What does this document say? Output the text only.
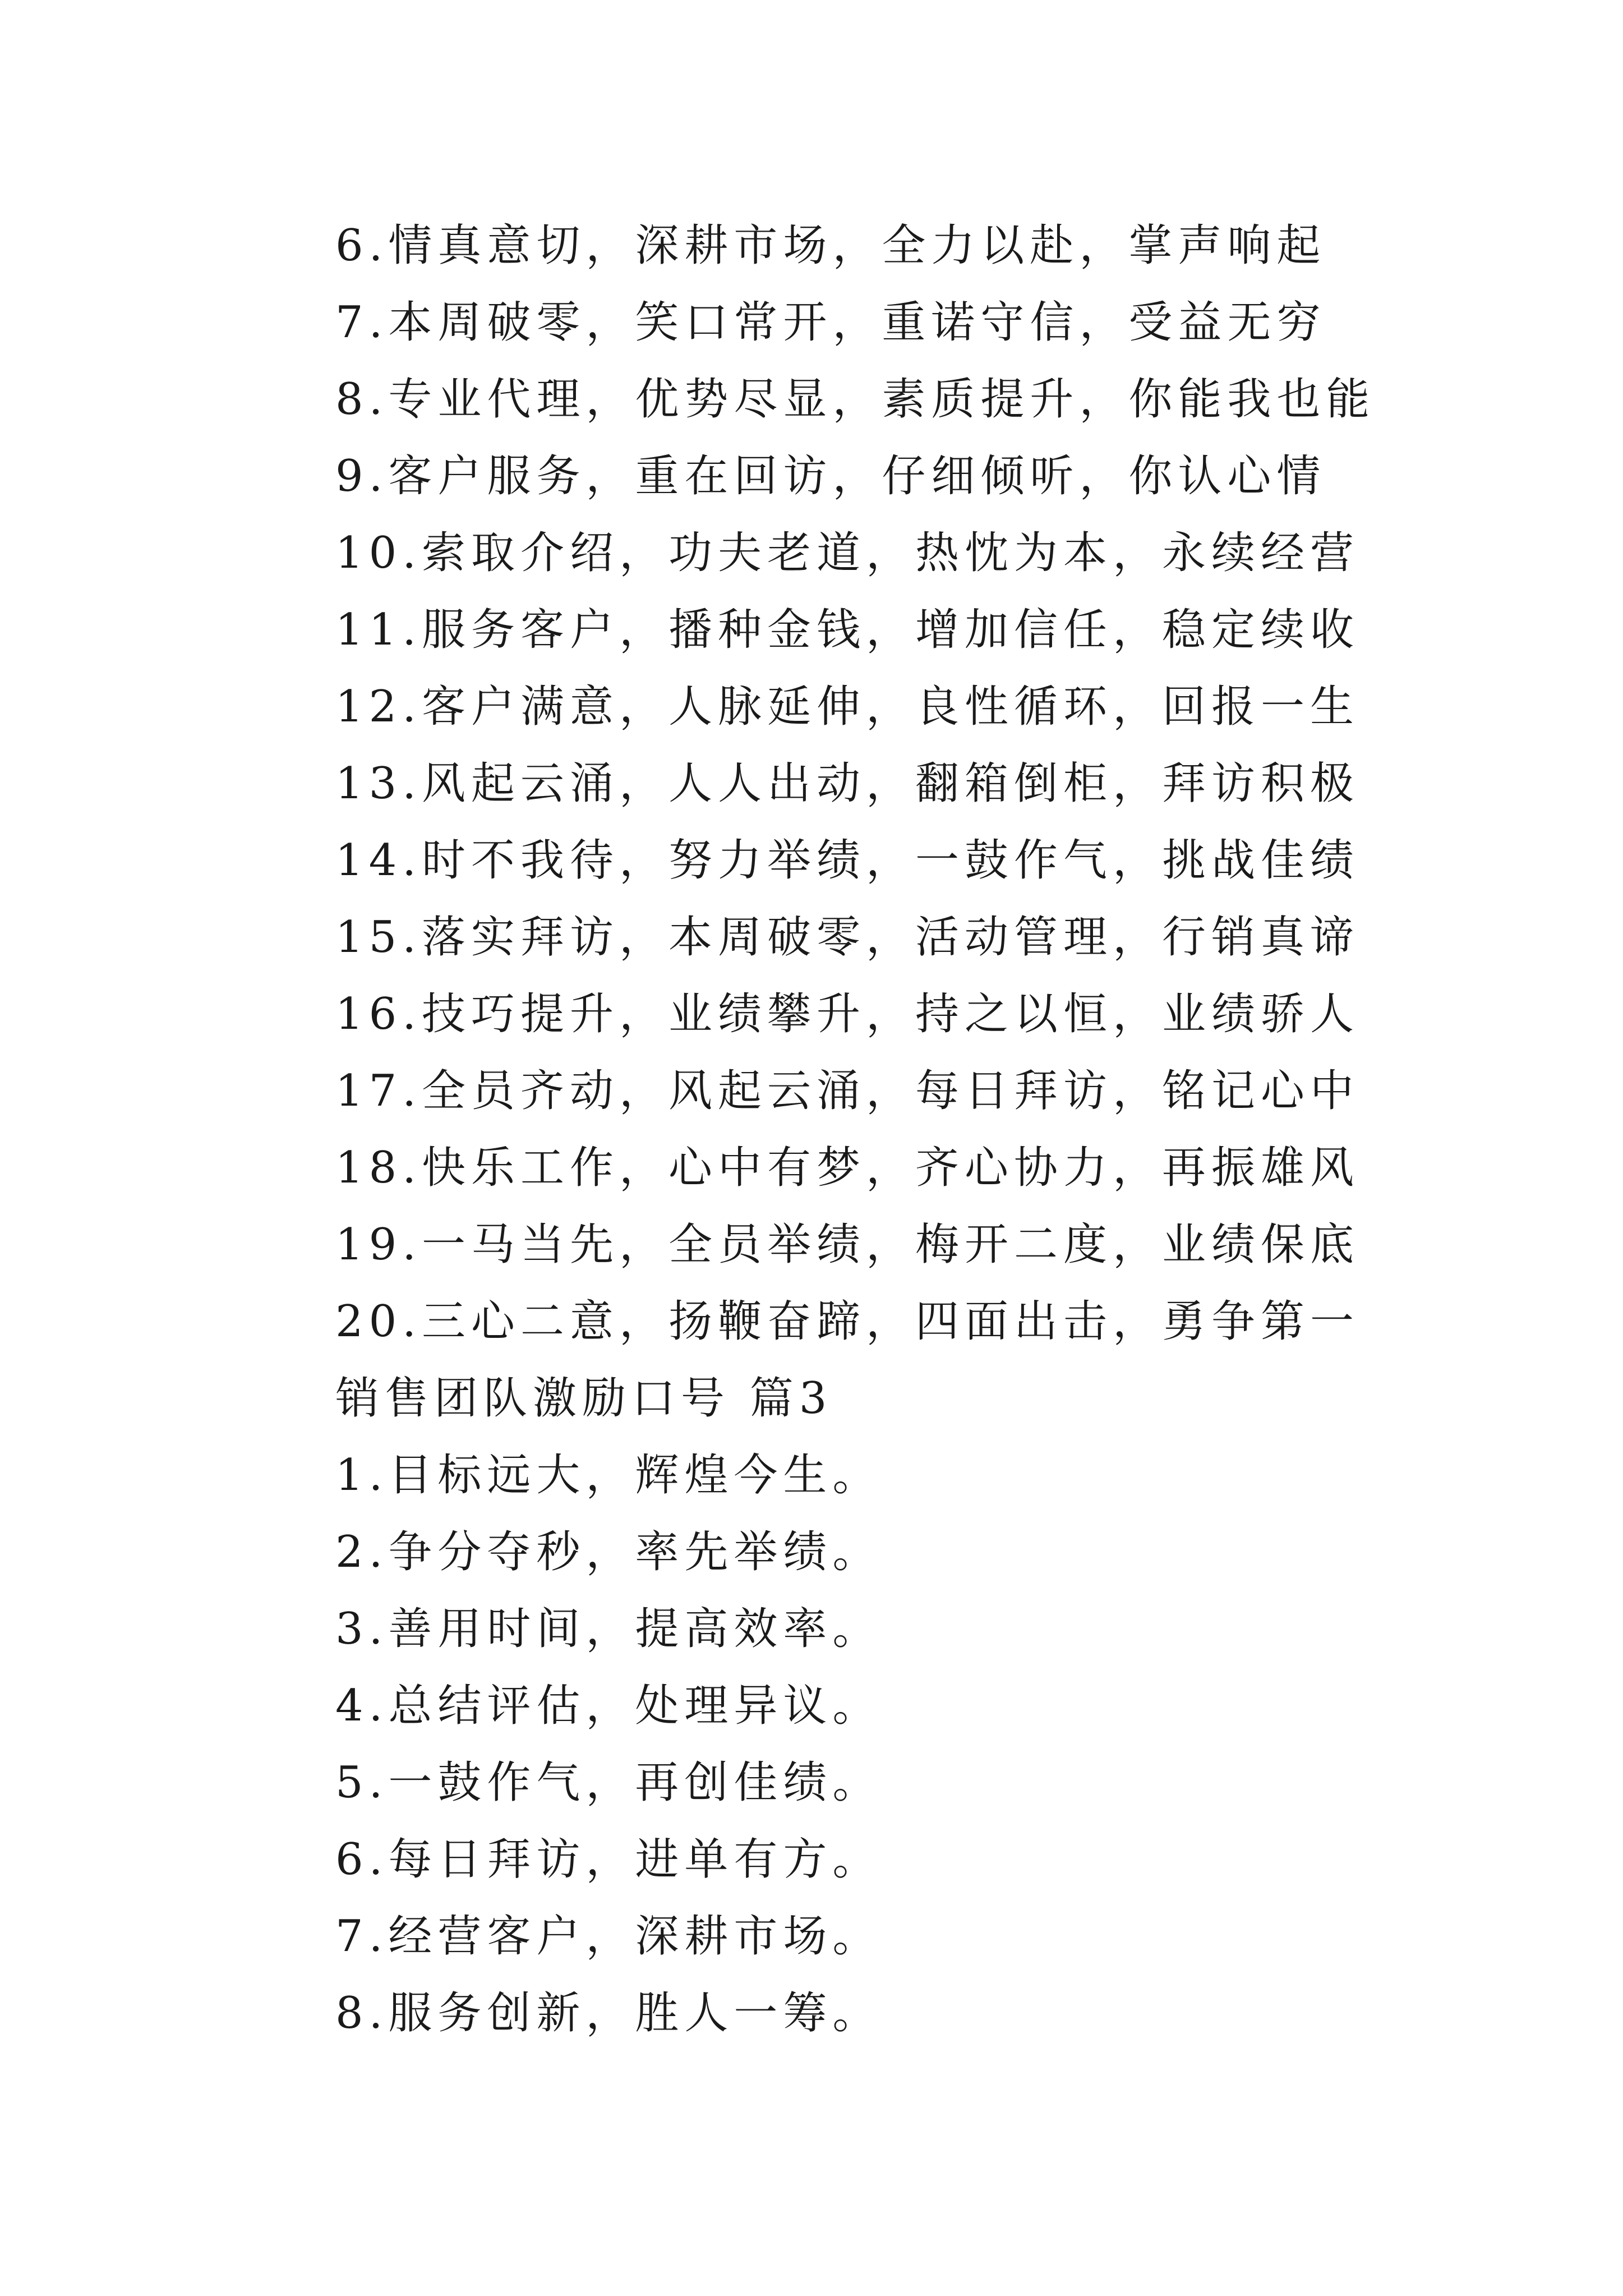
6.情真意切，深耕市场，全力以赴，掌声响起
7.本周破零，笑口常开，重诺守信，受益无穷
8.专业代理，优势尽显，素质提升，你能我也能
9.客户服务，重在回访，仔细倾听，你认心情
10.索取介绍，功夫老道，热忱为本，永续经营
11.服务客户，播种金钱，增加信任，稳定续收
12.客户满意，人脉延伸，良性循环，回报一生
13.风起云涌，人人出动，翻箱倒柜，拜访积极
14.时不我待，努力举绩，一鼓作气，挑战佳绩
15.落实拜访，本周破零，活动管理，行销真谛
16.技巧提升，业绩攀升，持之以恒，业绩骄人
17.全员齐动，风起云涌，每日拜访，铭记心中
18.快乐工作，心中有梦，齐心协力，再振雄风
19.一马当先，全员举绩，梅开二度，业绩保底
20.三心二意，扬鞭奋蹄，四面出击，勇争第一
销售团队激励口号 篇3
1.目标远大，辉煌今生。
2.争分夺秒，率先举绩。
3.善用时间，提高效率。
4.总结评估，处理异议。
5.一鼓作气，再创佳绩。
6.每日拜访，进单有方。
7.经营客户，深耕市场。
8.服务创新，胜人一筹。
